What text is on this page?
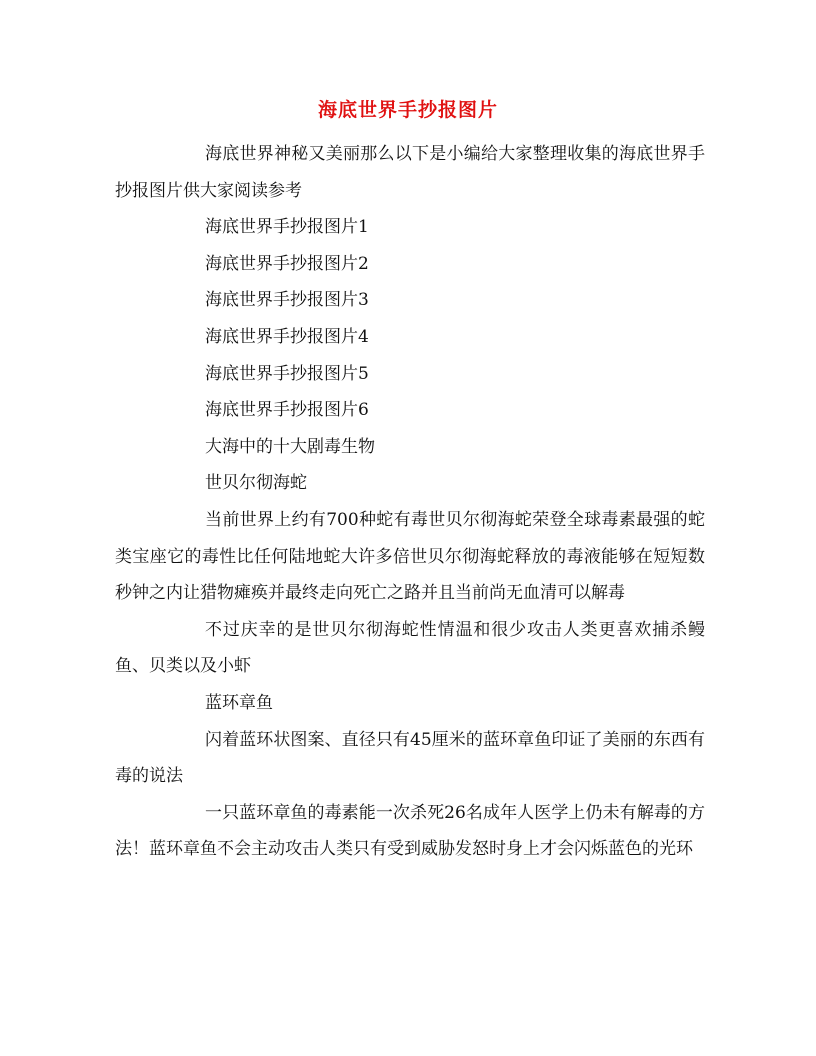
海底世界手抄报图片

海底世界神秘又美丽那么以下是小编给大家整理收集的海底世界手抄报图片供大家阅读参考

海底世界手抄报图片1

海底世界手抄报图片2

海底世界手抄报图片3

海底世界手抄报图片4

海底世界手抄报图片5

海底世界手抄报图片6

大海中的十大剧毒生物

世贝尔彻海蛇

当前世界上约有700种蛇有毒世贝尔彻海蛇荣登全球毒素最强的蛇类宝座它的毒性比任何陆地蛇大许多倍世贝尔彻海蛇释放的毒液能够在短短数秒钟之内让猎物瘫痪并最终走向死亡之路并且当前尚无血清可以解毒

不过庆幸的是世贝尔彻海蛇性情温和很少攻击人类更喜欢捕杀鳗鱼、贝类以及小虾

蓝环章鱼

闪着蓝环状图案、直径只有45厘米的蓝环章鱼印证了美丽的东西有毒的说法

一只蓝环章鱼的毒素能一次杀死26名成年人医学上仍未有解毒的方法！蓝环章鱼不会主动攻击人类只有受到威胁发怒时身上才会闪烁蓝色的光环
